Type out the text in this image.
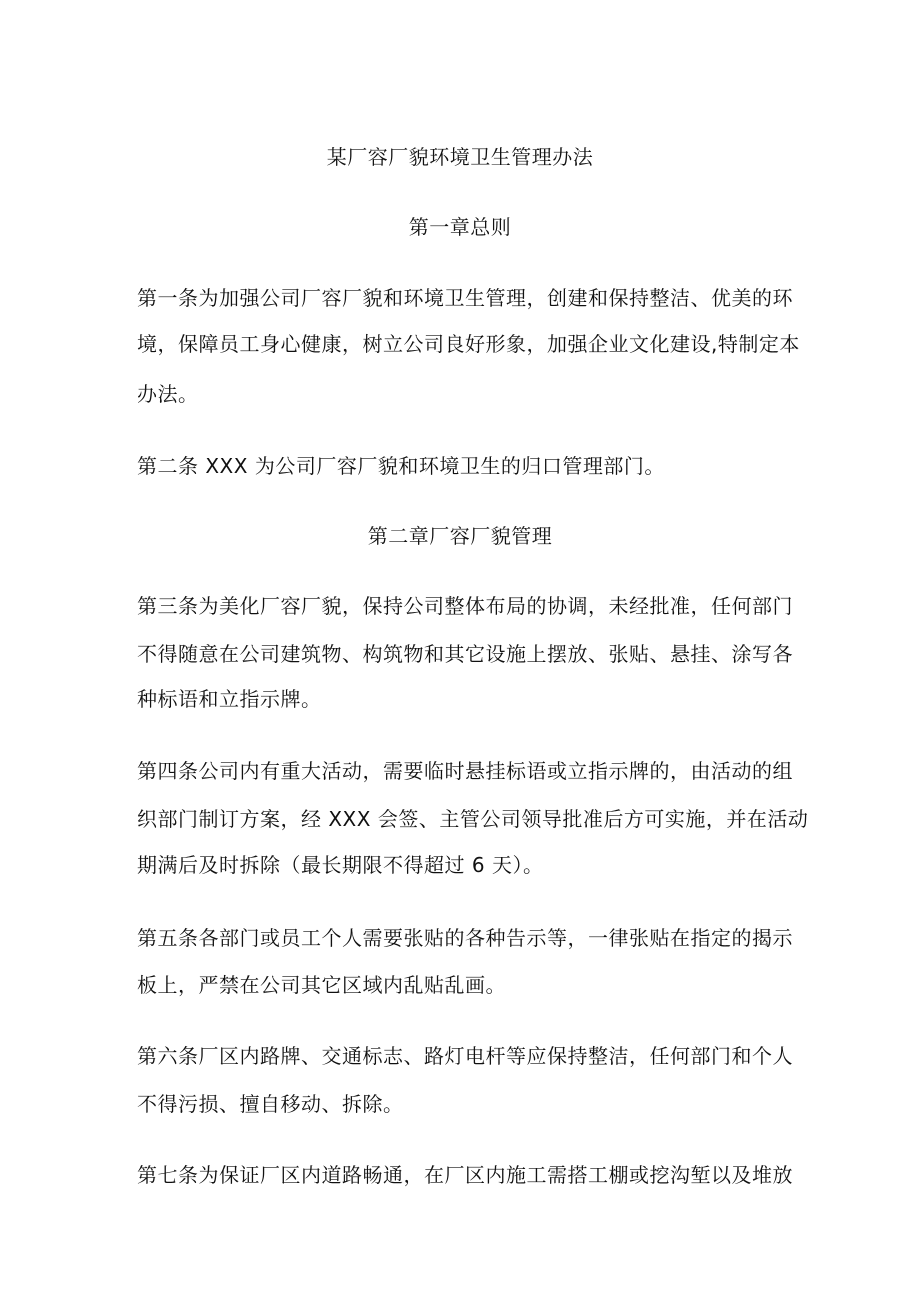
某厂容厂貌环境卫生管理办法
第一章总则
第一条为加强公司厂容厂貌和环境卫生管理，创建和保持整洁、优美的环
境，保障员工身心健康，树立公司良好形象，加强企业文化建设,特制定本
办法。
第二条 XXX 为公司厂容厂貌和环境卫生的归口管理部门。
第二章厂容厂貌管理
第三条为美化厂容厂貌，保持公司整体布局的协调，未经批准，任何部门
不得随意在公司建筑物、构筑物和其它设施上摆放、张贴、悬挂、涂写各
种标语和立指示牌。
第四条公司内有重大活动，需要临时悬挂标语或立指示牌的，由活动的组
织部门制订方案，经 XXX 会签、主管公司领导批准后方可实施，并在活动
期满后及时拆除（最长期限不得超过 6 天）。
第五条各部门或员工个人需要张贴的各种告示等，一律张贴在指定的揭示
板上，严禁在公司其它区域内乱贴乱画。
第六条厂区内路牌、交通标志、路灯电杆等应保持整洁，任何部门和个人
不得污损、擅自移动、拆除。
第七条为保证厂区内道路畅通，在厂区内施工需搭工棚或挖沟堑以及堆放
